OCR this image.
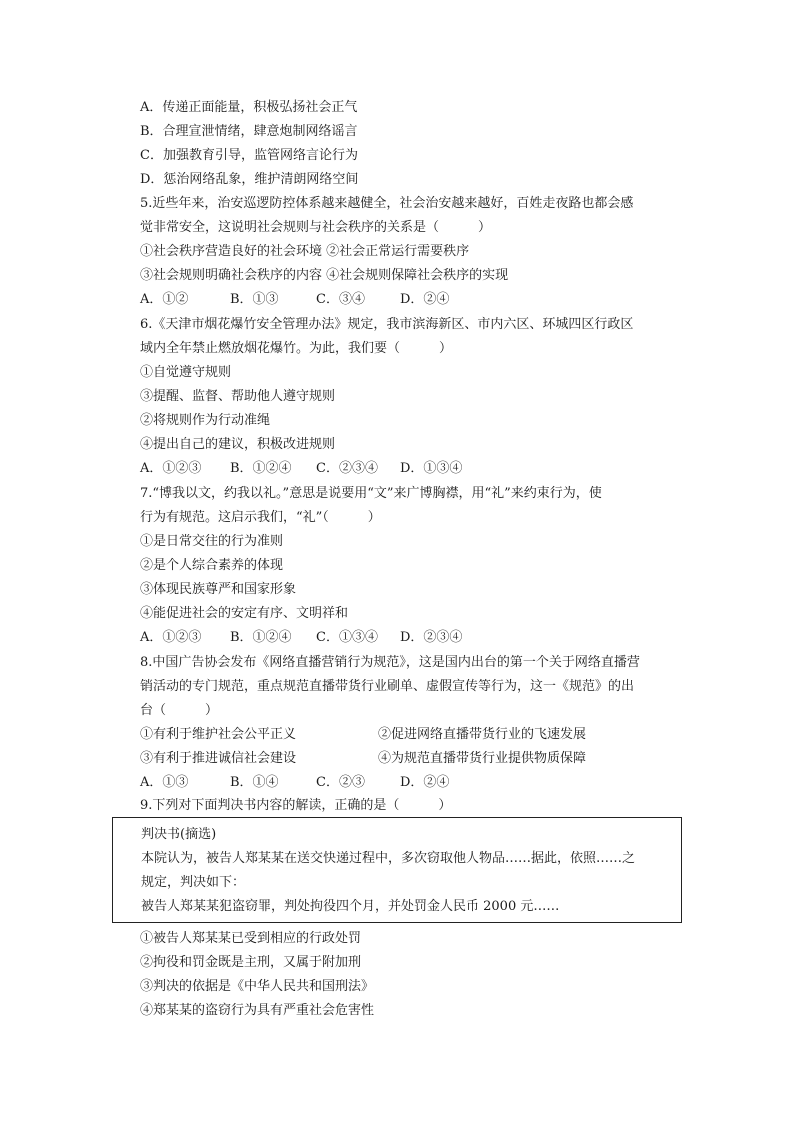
A．传递正面能量，积极弘扬社会正气
B．合理宣泄情绪，肆意炮制网络谣言
C．加强教育引导，监管网络言论行为
D．惩治网络乱象，维护清朗网络空间
5.近些年来，治安巡逻防控体系越来越健全，社会治安越来越好，百姓走夜路也都会感
觉非常安全，这说明社会规则与社会秩序的关系是（　　　）
①社会秩序营造良好的社会环境 ②社会正常运行需要秩序
③社会规则明确社会秩序的内容 ④社会规则保障社会秩序的实现
A．①②	B．①③	C．③④	D．②④
6.《天津市烟花爆竹安全管理办法》规定，我市滨海新区、市内六区、环城四区行政区
域内全年禁止燃放烟花爆竹。为此，我们要（　　　）
①自觉遵守规则
③提醒、监督、帮助他人遵守规则
②将规则作为行动准绳
④提出自己的建议，积极改进规则
A．①②③ B．①②④ C．②③④ D．①③④
7.“博我以文，约我以礼。”意思是说要用“文”来广博胸襟，用“礼”来约束行为，使
行为有规范。这启示我们，“礼”（　　　）
①是日常交往的行为准则
②是个人综合素养的体现
③体现民族尊严和国家形象
④能促进社会的安定有序、文明祥和
A．①②③ B．①②④ C．①③④ D．②③④
8.中国广告协会发布《网络直播营销行为规范》，这是国内出台的第一个关于网络直播营
销活动的专门规范，重点规范直播带货行业刷单、虚假宣传等行为，这一《规范》的出
台（　　　）
①有利于维护社会公平正义	②促进网络直播带货行业的飞速发展
③有利于推进诚信社会建设	④为规范直播带货行业提供物质保障
A．①③	B．①④	C．②③	D．②④
9.下列对下面判决书内容的解读，正确的是（　　　）
判决书(摘选)
本院认为，被告人郑某某在送交快递过程中，多次窃取他人物品……据此，依照……之
规定，判决如下：
被告人郑某某犯盗窃罪，判处拘役四个月，并处罚金人民币 2000 元……
①被告人郑某某已受到相应的行政处罚
②拘役和罚金既是主刑，又属于附加刑
③判决的依据是《中华人民共和国刑法》
④郑某某的盗窃行为具有严重社会危害性
